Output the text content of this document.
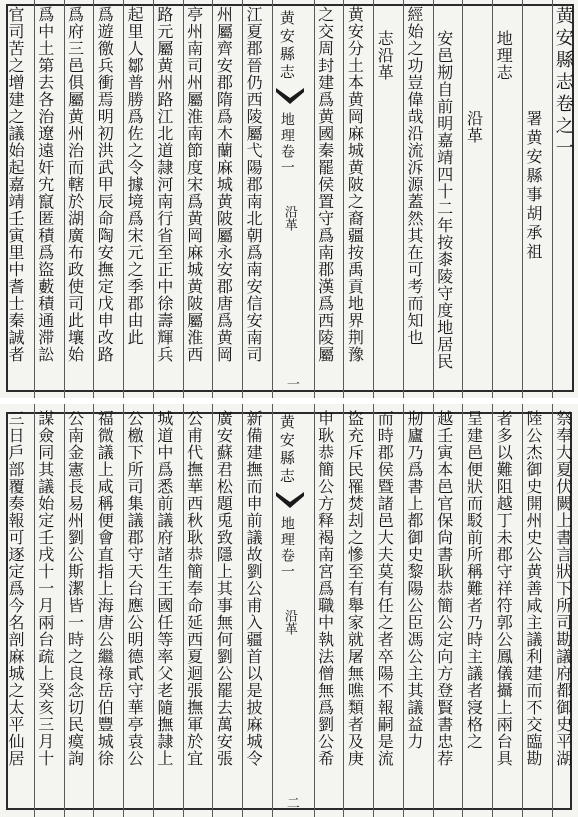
黄安縣志卷之一
署黄安縣事胡承祖
地理志
沿革
安邑剏自前明嘉靖四十二年按桼陵守度地居民
經始之功豈偉哉沿流泝源蓋然其在可考而知也
志沿革
黄安分土本黄岡麻城黄陂之裔疆按禹貢地界荆豫
之交周封建爲黄國秦罷侯置守爲南郡漢爲西陵屬
黄安縣志
地理卷一
沿革
一
江夏郡晉仍西陵屬弋陽郡南北朝爲南安信安南司
州屬齊安郡隋爲木蘭麻城黄陂屬永安郡唐爲黄岡
亭州南司州屬淮南節度宋爲黄岡麻城黄陂屬淮西
路元屬黄州路江北道隷河南行省至正中徐壽輝兵
起里人鄒普勝爲佐之令據境爲宋元之季郡由此
爲遊徼兵衝焉明初洪武甲辰命陶安撫定戊申改路
爲府三邑俱屬黄州治而轄於湖廣布政使司此壤始
爲中土第去各治遼遠奸宄竄匿積爲盜藪積通滞訟
官司苦之增建之議始起嘉靖壬寅里中耆士秦誠者
祭奉大夏伏闕上書言狀下所司勘議府都御史平湖
陸公杰御史開州史公黄善咸主議利建而不交臨勘
者多以難阻越丁未郡守祥符郭公鳳儀攝上兩台具
呈建邑便狀而駁前所稱難者乃時主議者寖格之
越壬寅本邑官保尙書耿恭簡公定向方登賢書忠荐
剏廬乃爲書上都御史黎陽公臣馮公主其議益力
而時郡侯暨諸邑大夫莫有任之者卒陽不報嗣是流
盜充斥民罹焚刦之慘至有舉家就屠無噍類者及庚
申耿恭簡公方释褐南宮爲職中執法僧無爲劉公希
黄安縣志
地理卷一
沿革
二
新備建撫而申前議故劉公甫入疆首以是披麻城令
廣安蘇君松題兎致隱上其事無何劉公罷去萬安張
公甫代撫華西秋耿恭簡奉命延西夏迴張撫軍於宜
城道中爲悉前議府諸生王國任等率父老隨撫隷上
公檄下所司集議郡守天台應公明德貳守華亭袁公
福微議上咸稱便會直指上海唐公繼祿岳伯豐城徐
公南金憲長易州劉公斯潔皆一時之良念切民瘼詢
謀僉同其議始定壬戌十一月兩台疏上癸亥三月十
三日戶部覆奏報可逐定爲今名剖麻城之太平仙居
